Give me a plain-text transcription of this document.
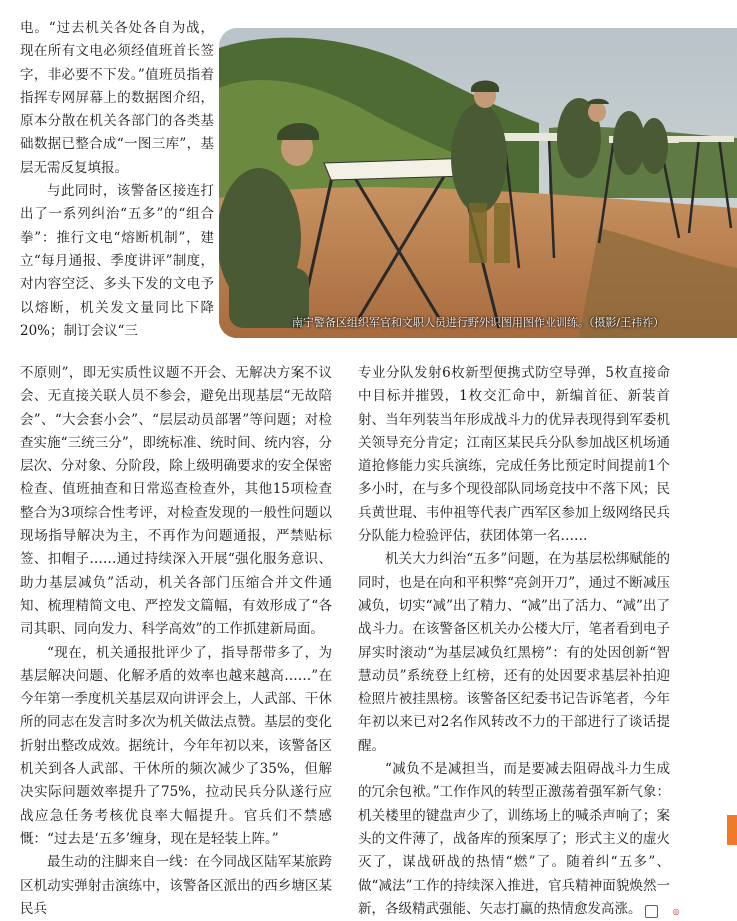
电。“过去机关各处各自为战，现在所有文电必须经值班首长签字，非必要不下发。”值班员指着指挥专网屏幕上的数据图介绍，原本分散在机关各部门的各类基础数据已整合成“一图三库”，基层无需反复填报。

与此同时，该警备区接连打出了一系列纠治“五多”的“组合拳”：推行文电“熔断机制”，建立“每月通报、季度讲评”制度，对内容空泛、多头下发的文电予以熔断，机关发文量同比下降20%；制订会议“三

南宁警备区组织军官和文职人员进行野外识图用图作业训练。（摄影/王祎祚）

不原则”，即无实质性议题不开会、无解决方案不议会、无直接关联人员不参会，避免出现基层“无故陪会”、“大会套小会”、“层层动员部署”等问题；对检查实施“三统三分”，即统标准、统时间、统内容，分层次、分对象、分阶段，除上级明确要求的安全保密检查、值班抽查和日常巡查检查外，其他15项检查整合为3项综合性考评，对检查发现的一般性问题以现场指导解决为主，不再作为问题通报，严禁贴标签、扣帽子……通过持续深入开展“强化服务意识、助力基层减负”活动，机关各部门压缩合并文件通知、梳理精简文电、严控发文篇幅，有效形成了“各司其职、同向发力、科学高效”的工作抓建新局面。

“现在，机关通报批评少了，指导帮带多了，为基层解决问题、化解矛盾的效率也越来越高……”在今年第一季度机关基层双向讲评会上，人武部、干休所的同志在发言时多次为机关做法点赞。基层的变化折射出整改成效。据统计，今年年初以来，该警备区机关到各人武部、干休所的频次减少了35%，但解决实际问题效率提升了75%，拉动民兵分队遂行应战应急任务考核优良率大幅提升。官兵们不禁感慨：“过去是‘五多’缠身，现在是轻装上阵。”

最生动的注脚来自一线：在今同战区陆军某旅跨区机动实弹射击演练中，该警备区派出的西乡塘区某民兵

专业分队发射6枚新型便携式防空导弹，5枚直接命中目标并摧毁，1枚交汇命中，新编首征、新装首射、当年列装当年形成战斗力的优异表现得到军委机关领导充分肯定；江南区某民兵分队参加战区机场通道抢修能力实兵演练，完成任务比预定时间提前1个多小时，在与多个现役部队同场竞技中不落下风；民兵黄世琨、韦仲祖等代表广西军区参加上级网络民兵分队能力检验评估，获团体第一名……

机关大力纠治“五多”问题，在为基层松绑赋能的同时，也是在向和平积弊“亮剑开刀”，通过不断减压减负，切实“减”出了精力、“减”出了活力、“减”出了战斗力。在该警备区机关办公楼大厅，笔者看到电子屏实时滚动“为基层减负红黑榜”：有的处因创新“智慧动员”系统登上红榜，还有的处因要求基层补拍迎检照片被挂黑榜。该警备区纪委书记告诉笔者，今年年初以来已对2名作风转改不力的干部进行了谈话提醒。

“减负不是减担当，而是要减去阻碍战斗力生成的冗余包袱。”工作作风的转型正激荡着强军新气象：机关楼里的键盘声少了，训练场上的喊杀声响了；案头的文件薄了，战备库的预案厚了；形式主义的虚火灭了，谋战研战的热情“燃”了。随着纠“五多”、做“减法”工作的持续深入推进，官兵精神面貌焕然一新，各级精武强能、矢志打赢的热情愈发高涨。	◎
